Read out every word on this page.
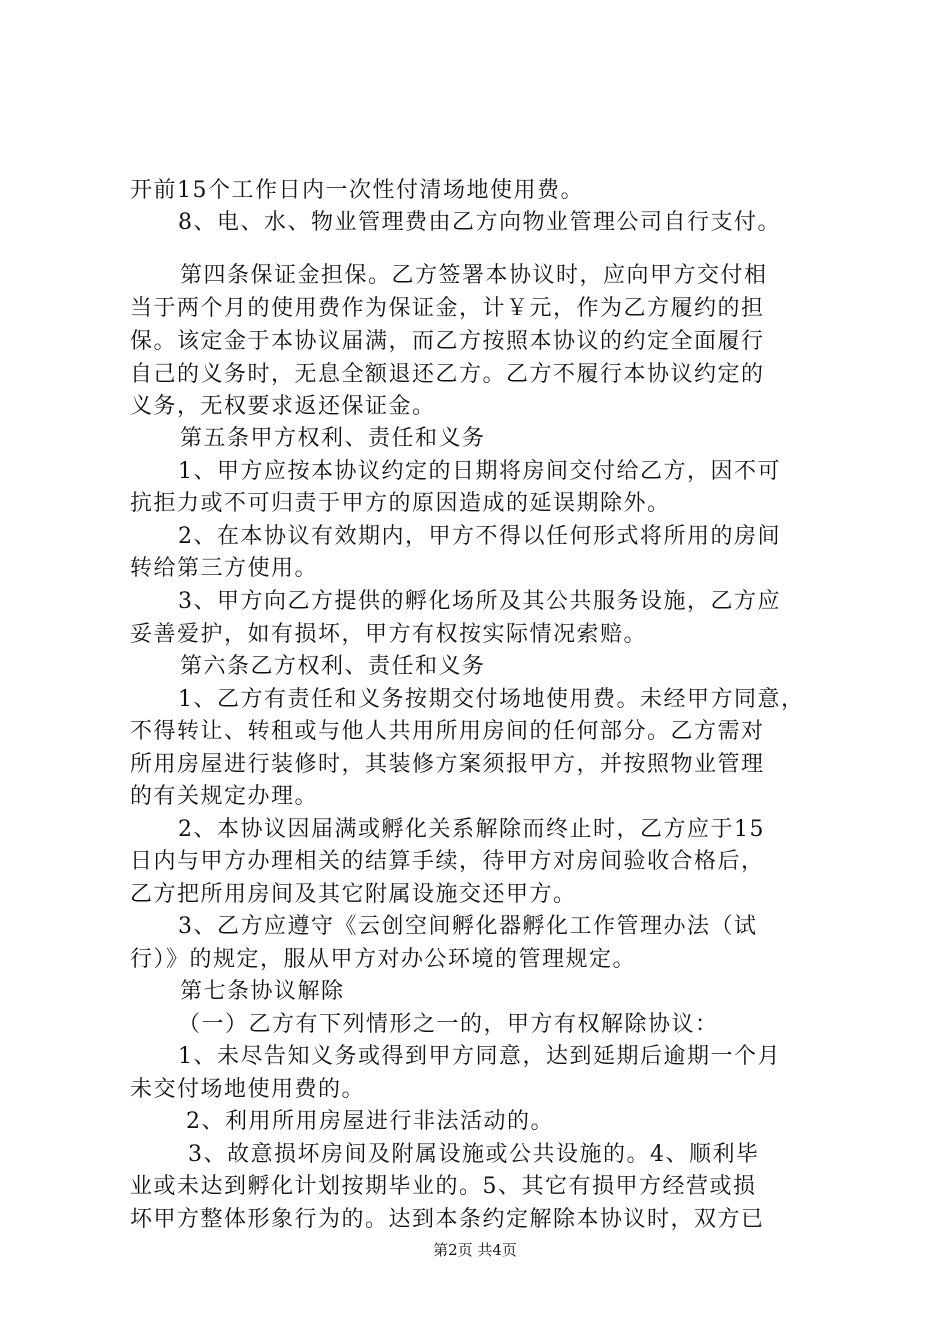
开前15个工作日内一次性付清场地使用费。
8、电、水、物业管理费由乙方向物业管理公司自行支付。
第四条保证金担保。乙方签署本协议时，应向甲方交付相
当于两个月的使用费作为保证金，计￥元，作为乙方履约的担
保。该定金于本协议届满，而乙方按照本协议的约定全面履行
自己的义务时，无息全额退还乙方。乙方不履行本协议约定的
义务，无权要求返还保证金。
第五条甲方权利、责任和义务
1、甲方应按本协议约定的日期将房间交付给乙方，因不可
抗拒力或不可归责于甲方的原因造成的延误期除外。
2、在本协议有效期内，甲方不得以任何形式将所用的房间
转给第三方使用。
3、甲方向乙方提供的孵化场所及其公共服务设施，乙方应
妥善爱护，如有损坏，甲方有权按实际情况索赔。
第六条乙方权利、责任和义务
1、乙方有责任和义务按期交付场地使用费。未经甲方同意，
不得转让、转租或与他人共用所用房间的任何部分。乙方需对
所用房屋进行装修时，其装修方案须报甲方，并按照物业管理
的有关规定办理。
2、本协议因届满或孵化关系解除而终止时，乙方应于15
日内与甲方办理相关的结算手续，待甲方对房间验收合格后，
乙方把所用房间及其它附属设施交还甲方。
3、乙方应遵守《云创空间孵化器孵化工作管理办法（试
行）》的规定，服从甲方对办公环境的管理规定。
第七条协议解除
（一）乙方有下列情形之一的，甲方有权解除协议：
1、未尽告知义务或得到甲方同意，达到延期后逾期一个月
未交付场地使用费的。
2、利用所用房屋进行非法活动的。
3、故意损坏房间及附属设施或公共设施的。4、顺利毕
业或未达到孵化计划按期毕业的。5、其它有损甲方经营或损
坏甲方整体形象行为的。达到本条约定解除本协议时，双方已
第2页 共4页
